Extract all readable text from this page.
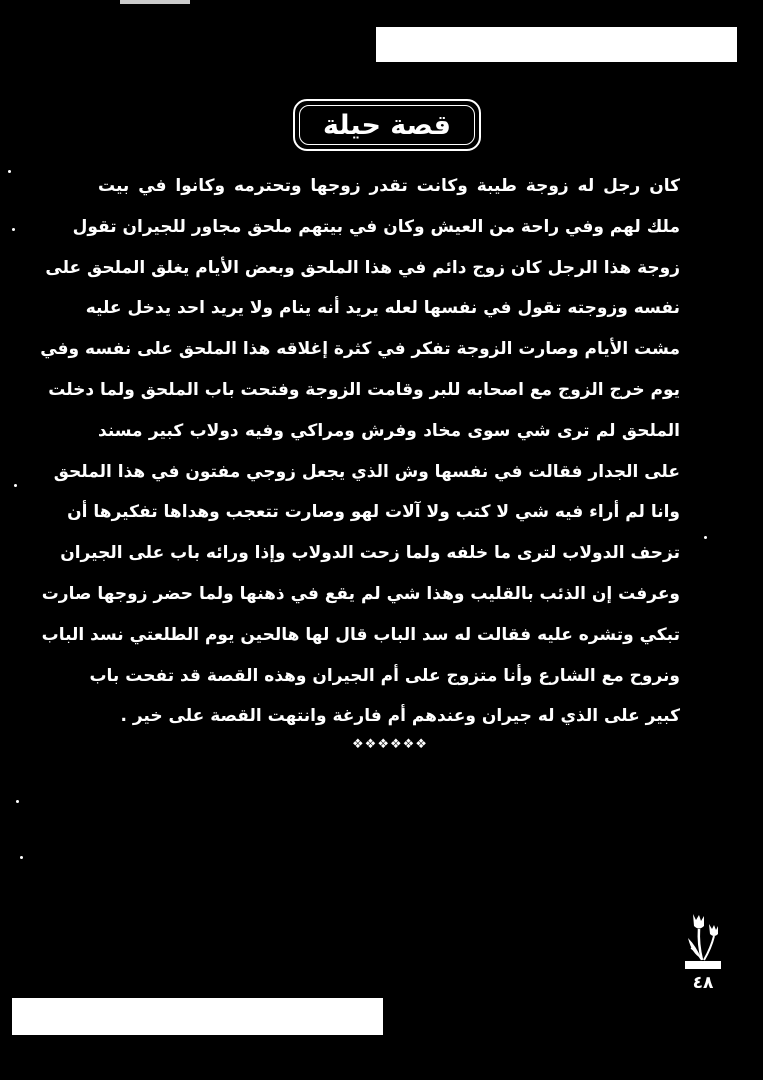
قصة حيلة
كان رجل له زوجة طيبة وكانت تقدر زوجها وتحترمه وكانوا في بيت
ملك لهم وفي راحة من العيش وكان في بيتهم ملحق مجاور للجيران تقول
زوجة هذا الرجل كان زوج دائم في هذا الملحق وبعض الأيام يغلق الملحق على
نفسه وزوجته تقول في نفسها لعله يريد أنه ينام ولا يريد احد يدخل عليه
مشت الأيام وصارت الزوجة تفكر في كثرة إغلاقه هذا الملحق على نفسه وفي
يوم خرج الزوج مع اصحابه للبر وقامت الزوجة وفتحت باب الملحق ولما دخلت
الملحق لم ترى شي سوى مخاد وفرش ومراكي وفيه دولاب كبير مسند
على الجدار فقالت في نفسها وش الذي يجعل زوجي مفتون في هذا الملحق
وانا لم أراء فيه شي لا كتب ولا آلات لهو وصارت تتعجب وهداها تفكيرها أن
تزحف الدولاب لترى ما خلفه ولما زحت الدولاب وإذا ورائه باب على الجيران
وعرفت إن الذئب بالقليب وهذا شي لم يقع في ذهنها ولما حضر زوجها صارت
تبكي وتشره عليه فقالت له سد الباب قال لها هالحين يوم الطلعتي نسد الباب
ونروح مع الشارع وأنا متزوج على أم الجيران وهذه القصة قد تفحت باب
كبير على الذي له جيران وعندهم أم فارغة وانتهت القصة على خير .
❖❖❖❖❖❖
٤٨
